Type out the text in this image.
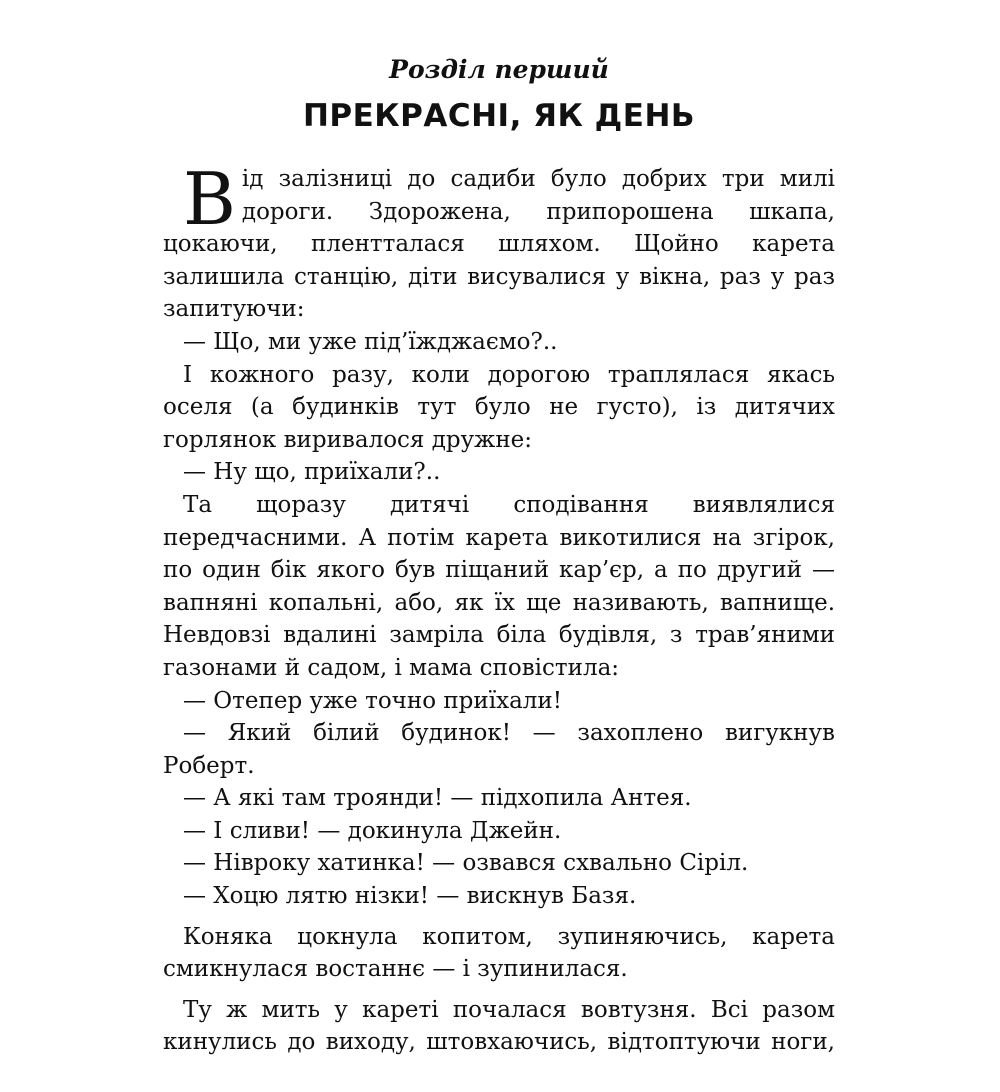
Розділ перший
ПРЕКРАСНІ, ЯК ДЕНЬ

Від залізниці до садиби було добрих три милі дороги. Здорожена, припорошена шкапа, цокаючи, плентталася шляхом. Щойно карета залишила станцію, діти висувалися у вікна, раз у раз запитуючи:

— Що, ми уже під’їжджаємо?..

І кожного разу, коли дорогою траплялася якась оселя (а будинків тут було не густо), із дитячих горлянок виривалося дружне:

— Ну що, приїхали?..

Та щоразу дитячі сподівання виявлялися передчасними. А потім карета викотилися на згірок, по один бік якого був піщаний кар’єр, а по другий — вапняні копальні, або, як їх ще називають, вапнище. Невдовзі вдалині замріла біла будівля, з трав’яними газонами й садом, і мама сповістила:

— Отепер уже точно приїхали!

— Який білий будинок! — захоплено вигукнув Роберт.

— А які там троянди! — підхопила Антея.

— І сливи! — докинула Джейн.

— Нівроку хатинка! — озвався схвально Сіріл.

— Хоцю лятю нізки! — вискнув Базя.

Коняка цокнула копитом, зупиняючись, карета смикнулася востаннє — і зупинилася.

Ту ж мить у кареті почалася вовтузня. Всі разом кинулись до виходу, штовхаючись, відтоптуючи ноги,
